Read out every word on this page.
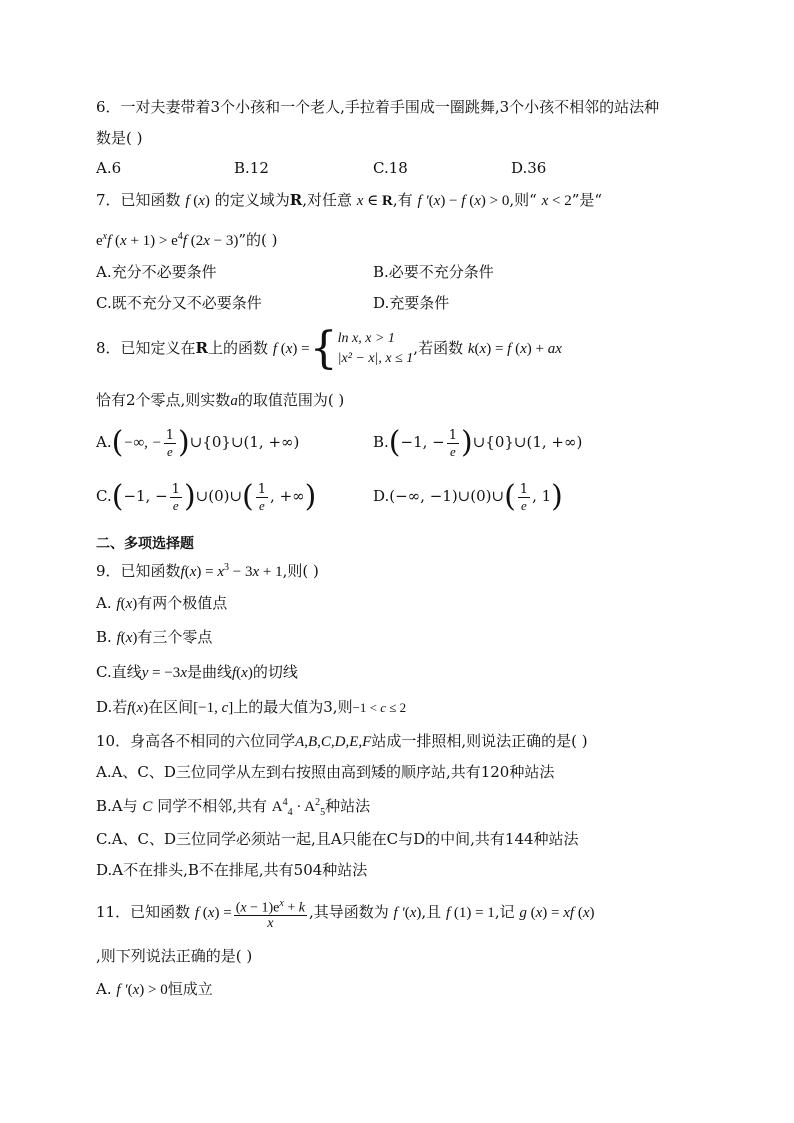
6．一对夫妻带着3个小孩和一个老人,手拉着手围成一圈跳舞,3个小孩不相邻的站法种
数是( )
A.6	B.12	C.18	D.36
7．已知函数 f (x) 的定义域为R,对任意 x ∈ R,有 f ′(x) − f (x) > 0,则“ x < 2”是“
$e^xf$ $(x + 1) > e^4f$ (2x − 3)”的( )
A.充分不必要条件	B.必要不充分条件
C.既不充分又不必要条件	D.充要条件
8．已知定义在R上的函数 f (x) ={ ln x, x > 1
|x² − x|, x ≤ 1
,若函数 k(x) = f (x) + ax
恰有2个零点,则实数a的取值范围为( )
A.(−∞, − $\frac{1}{e}$ )∪{0}∪(1, +∞)	B.(−1, − $\frac{1}{e}$ )∪{0}∪(1, +∞)
C.(−1, − $\frac{1}{e}$ )∪(0)∪( $\frac{1}{e}$ , +∞)	D.(−∞, −1)∪(0)∪( $\frac{1}{e}$ , 1)
二、多项选择题
9．已知函数$f(x) = x^3 - 3x + 1$,则( )
A. f(x)有两个极值点
B. f(x)有三个零点
C.直线y = −3x是曲线f(x)的切线
D.若f(x)在区间[−1, c]上的最大值为3,则−1 < c ≤ 2
10．身高各不相同的六位同学A,B,C,D,E,F站成一排照相,则说法正确的是( )
A.A、C、D三位同学从左到右按照由高到矮的顺序站,共有120种站法
B.A与 C 同学不相邻,共有 $A^4_4 \cdot A^2_5$种站法
C.A、C、D三位同学必须站一起,且A只能在C与D的中间,共有144种站法
D.A不在排头,B不在排尾,共有504种站法
11．已知函数 f $(x) = \frac{(x - 1)e^x + k}{x}$ ,其导函数为 f ′(x),且 f (1) = 1,记 g (x) = xf (x)
,则下列说法正确的是( )
A. f ′(x) > 0恒成立
